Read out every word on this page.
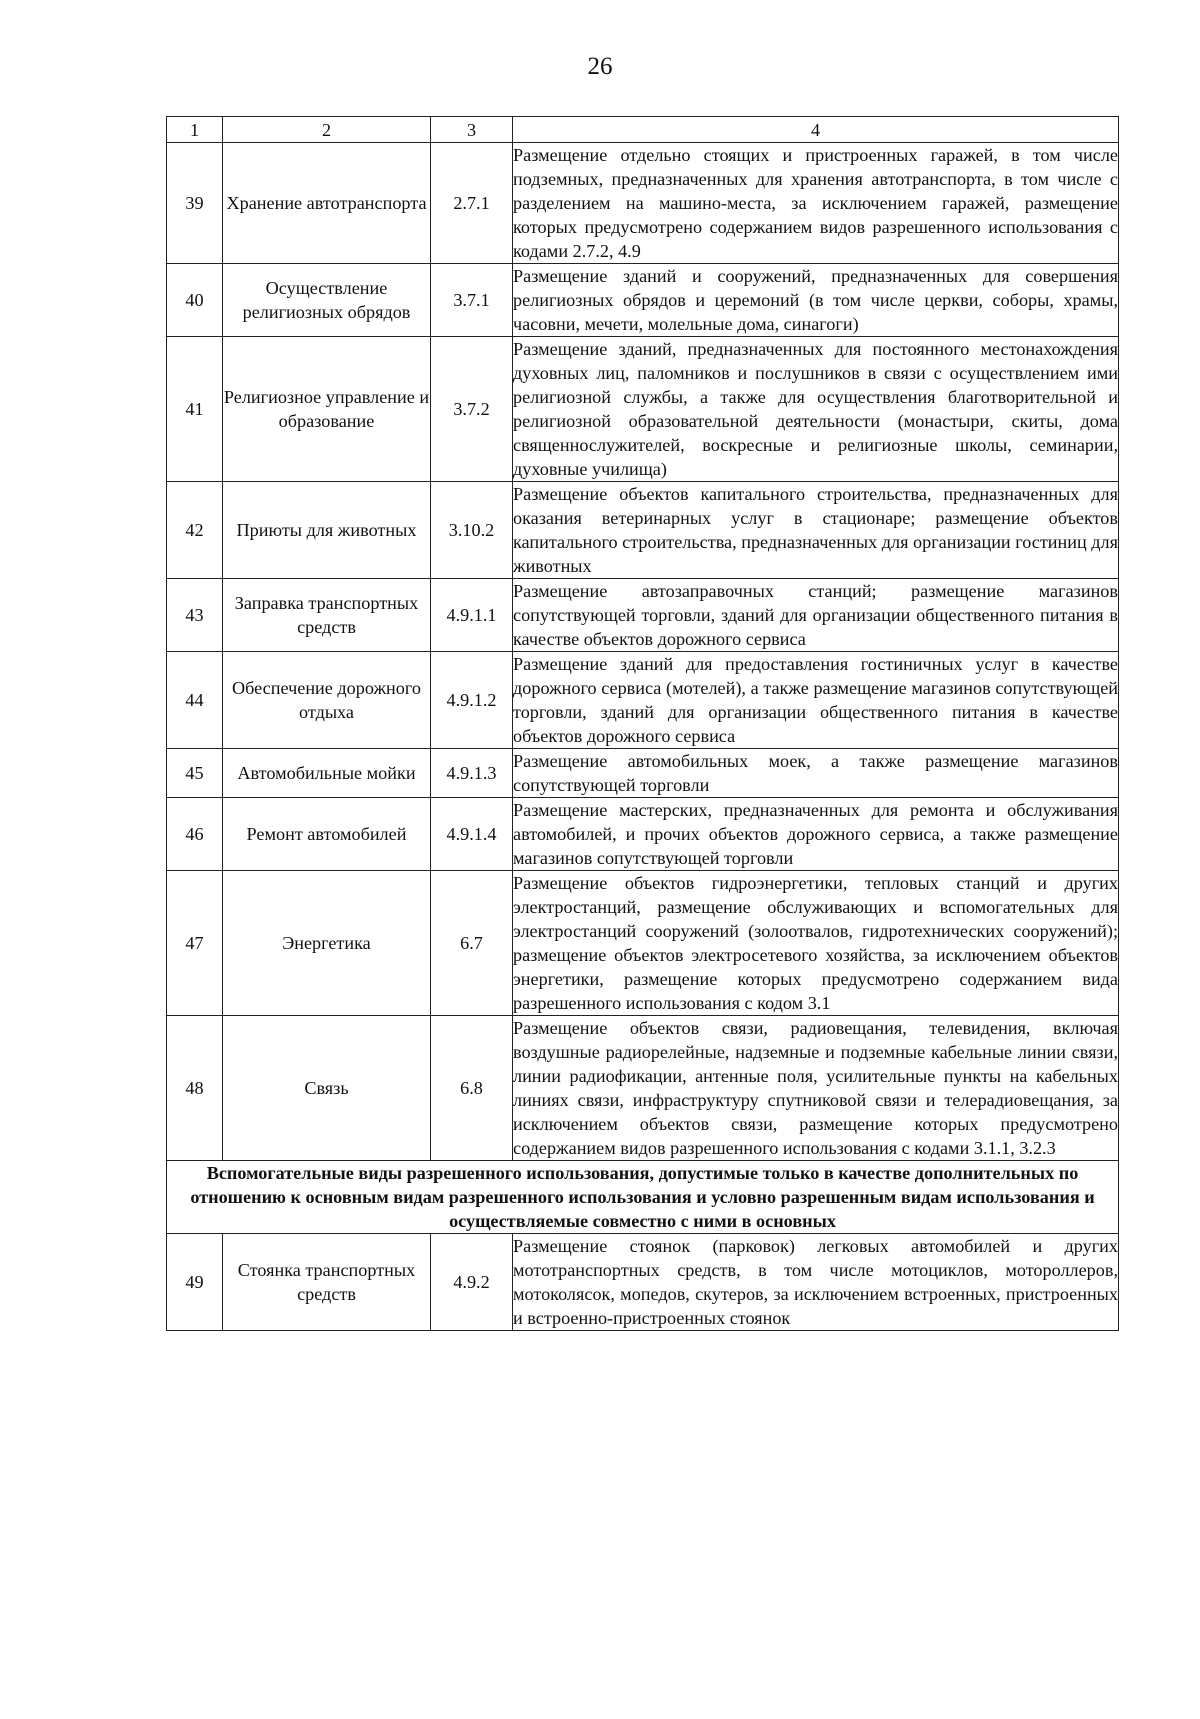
26
1	2	3	4
39	Хранение автотранспорта	2.7.1	Размещение отдельно стоящих и пристроенных гаражей, в том числе подземных, предназначенных для хранения автотранспорта, в том числе с разделением на машино-места, за исключением гаражей, размещение которых предусмотрено содержанием видов разрешенного использования с кодами 2.7.2, 4.9
40	Осуществление религиозных обрядов	3.7.1	Размещение зданий и сооружений, предназначенных для совершения религиозных обрядов и церемоний (в том числе церкви, соборы, храмы, часовни, мечети, молельные дома, синагоги)
41	Религиозное управление и образование	3.7.2	Размещение зданий, предназначенных для постоянного местонахождения духовных лиц, паломников и послушников в связи с осуществлением ими религиозной службы, а также для осуществления благотворительной и религиозной образовательной деятельности (монастыри, скиты, дома священнослужителей, воскресные и религиозные школы, семинарии, духовные училища)
42	Приюты для животных	3.10.2	Размещение объектов капитального строительства, предназначенных для оказания ветеринарных услуг в стационаре; размещение объектов капитального строительства, предназначенных для организации гостиниц для животных
43	Заправка транспортных средств	4.9.1.1	Размещение автозаправочных станций; размещение магазинов сопутствующей торговли, зданий для организации общественного питания в качестве объектов дорожного сервиса
44	Обеспечение дорожного отдыха	4.9.1.2	Размещение зданий для предоставления гостиничных услуг в качестве дорожного сервиса (мотелей), а также размещение магазинов сопутствующей торговли, зданий для организации общественного питания в качестве объектов дорожного сервиса
45	Автомобильные мойки	4.9.1.3	Размещение автомобильных моек, а также размещение магазинов сопутствующей торговли
46	Ремонт автомобилей	4.9.1.4	Размещение мастерских, предназначенных для ремонта и обслуживания автомобилей, и прочих объектов дорожного сервиса, а также размещение магазинов сопутствующей торговли
47	Энергетика	6.7	Размещение объектов гидроэнергетики, тепловых станций и других электростанций, размещение обслуживающих и вспомогательных для электростанций сооружений (золоотвалов, гидротехнических сооружений); размещение объектов электросетевого хозяйства, за исключением объектов энергетики, размещение которых предусмотрено содержанием вида разрешенного использования с кодом 3.1
48	Связь	6.8	Размещение объектов связи, радиовещания, телевидения, включая воздушные радиорелейные, надземные и подземные кабельные линии связи, линии радиофикации, антенные поля, усилительные пункты на кабельных линиях связи, инфраструктуру спутниковой связи и телерадиовещания, за исключением объектов связи, размещение которых предусмотрено содержанием видов разрешенного использования с кодами 3.1.1, 3.2.3
Вспомогательные виды разрешенного использования, допустимые только в качестве дополнительных по отношению к основным видам разрешенного использования и условно разрешенным видам использования и осуществляемые совместно с ними в основных			
49	Стоянка транспортных средств	4.9.2	Размещение стоянок (парковок) легковых автомобилей и других мототранспортных средств, в том числе мотоциклов, мотороллеров, мотоколясок, мопедов, скутеров, за исключением встроенных, пристроенных и встроенно-пристроенных стоянок
